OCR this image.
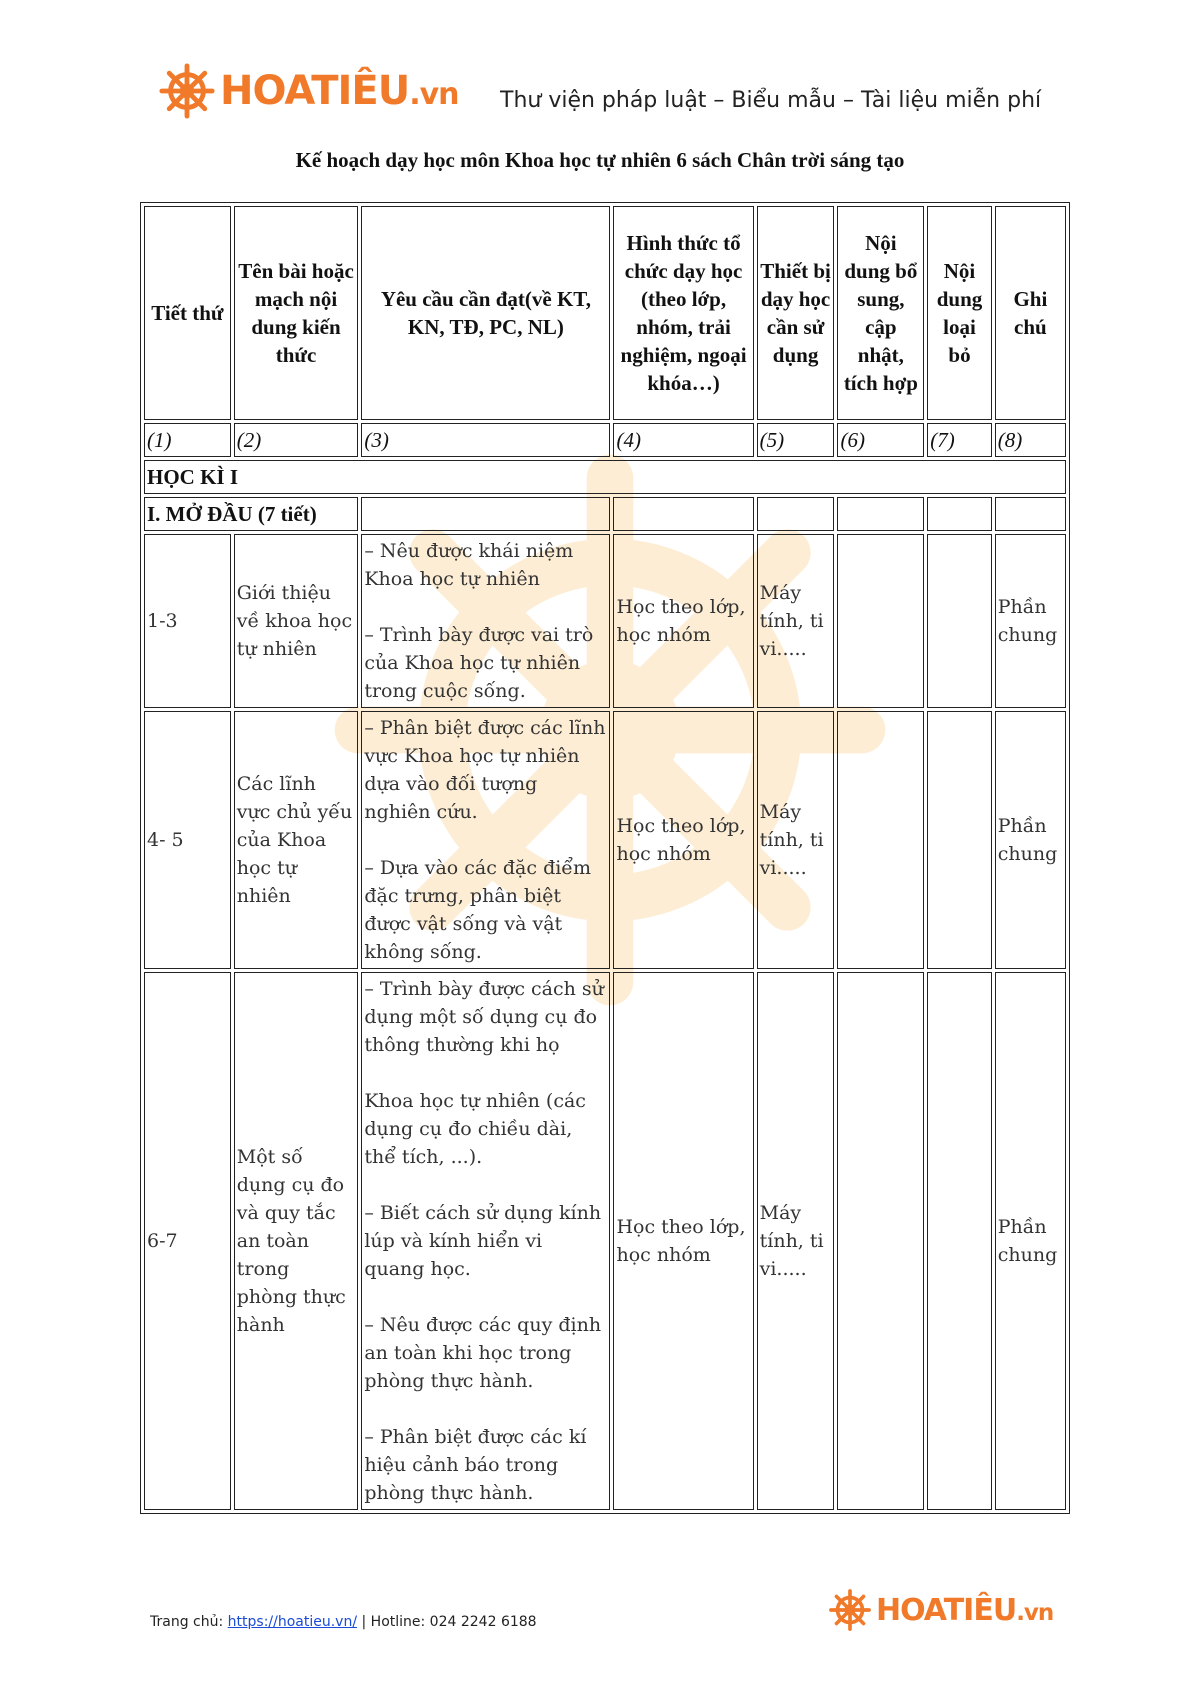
HOATIÊU.vn Thư viện pháp luật – Biểu mẫu – Tài liệu miễn phí
Kế hoạch dạy học môn Khoa học tự nhiên 6 sách Chân trời sáng tạo
Tiết thứ	Tên bài hoặc mạch nội dung kiến thức	Yêu cầu cần đạt(về KT, KN, TĐ, PC, NL)	Hình thức tổ chức dạy học (theo lớp, nhóm, trải nghiệm, ngoại khóa…)	Thiết bị dạy học cần sử dụng	Nội dung bổ sung, cập nhật, tích hợp	Nội dung loại bỏ	Ghi chú
(1)	(2)	(3)	(4)	(5)	(6)	(7)	(8)
HỌC KÌ I							
I. MỞ ĐẦU (7 tiết)							
1-3	Giới thiệu về khoa học tự nhiên	– Nêu được khái niệm Khoa học tự nhiên

– Trình bày được vai trò của Khoa học tự nhiên trong cuộc sống.	Học theo lớp, học nhóm	Máy tính, ti vi.....			Phần chung
4- 5	Các lĩnh vực chủ yếu của Khoa học tự nhiên	– Phân biệt được các lĩnh vực Khoa học tự nhiên dựa vào đối tượng nghiên cứu.

– Dựa vào các đặc điểm đặc trưng, phân biệt được vật sống và vật không sống.	Học theo lớp, học nhóm	Máy tính, ti vi.....			Phần chung
6-7	Một số dụng cụ đo và quy tắc an toàn trong phòng thực hành	– Trình bày được cách sử dụng một số dụng cụ đo thông thường khi họ

Khoa học tự nhiên (các dụng cụ đo chiều dài, thể tích, ...).

– Biết cách sử dụng kính lúp và kính hiển vi quang học.

– Nêu được các quy định an toàn khi học trong phòng thực hành.

– Phân biệt được các kí hiệu cảnh báo trong phòng thực hành.	Học theo lớp, học nhóm	Máy tính, ti vi.....			Phần chung
Trang chủ: https://hoatieu.vn/ | Hotline: 024 2242 6188	HOATIÊU.vn
